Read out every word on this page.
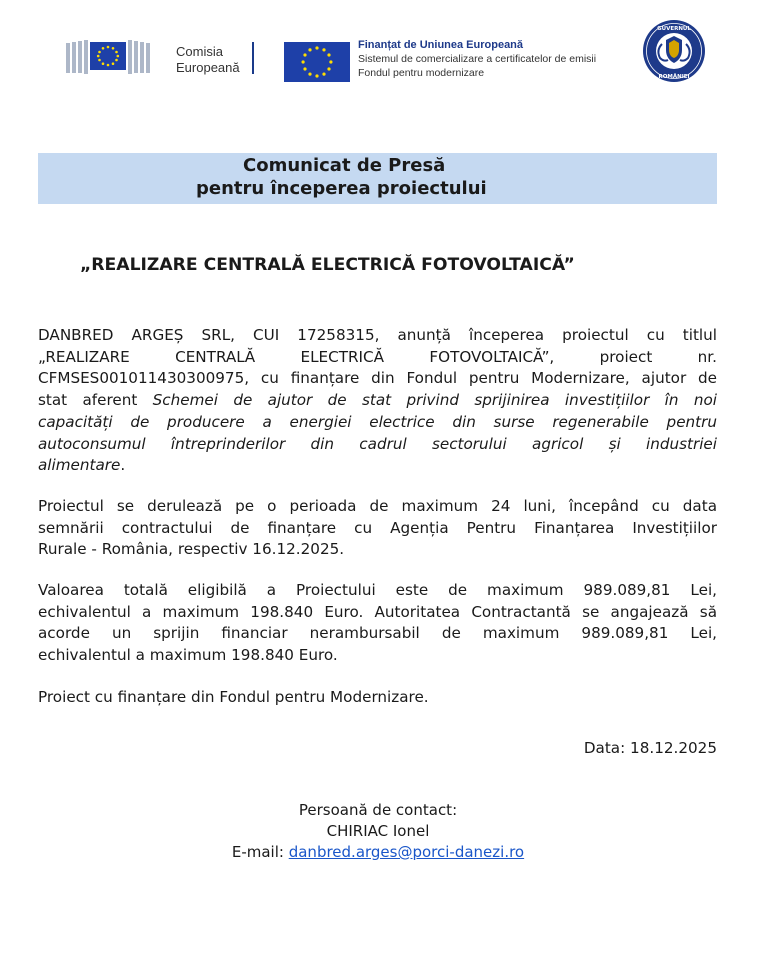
Comisia
Europeană
Finanțat de Uniunea Europeană
Sistemul de comercializare a certificatelor de emisii
Fondul pentru modernizare
GUVERNUL
ROMÂNIEI
Comunicat de Presă
pentru începerea proiectului
„REALIZARE CENTRALĂ ELECTRICĂ FOTOVOLTAICĂ”
DANBRED ARGEȘ SRL, CUI 17258315, anunță începerea proiectul cu titlul
„REALIZARE CENTRALĂ ELECTRICĂ FOTOVOLTAICĂ”, proiect nr.
CFMSES001011430300975, cu finanțare din Fondul pentru Modernizare, ajutor de
stat aferent Schemei de ajutor de stat privind sprijinirea investițiilor în noi
capacități de producere a energiei electrice din surse regenerabile pentru
autoconsumul întreprinderilor din cadrul sectorului agricol și industriei
alimentare.
Proiectul se derulează pe o perioada de maximum 24 luni, începând cu data
semnării contractului de finanțare cu Agenția Pentru Finanțarea Investițiilor
Rurale - România, respectiv 16.12.2025.
Valoarea totală eligibilă a Proiectului este de maximum 989.089,81 Lei,
echivalentul a maximum 198.840 Euro. Autoritatea Contractantă se angajează să
acorde un sprijin financiar nerambursabil de maximum 989.089,81 Lei,
echivalentul a maximum 198.840 Euro.
Proiect cu finanțare din Fondul pentru Modernizare.
Data: 18.12.2025
Persoană de contact:
CHIRIAC Ionel
E-mail: danbred.arges@porci-danezi.ro
